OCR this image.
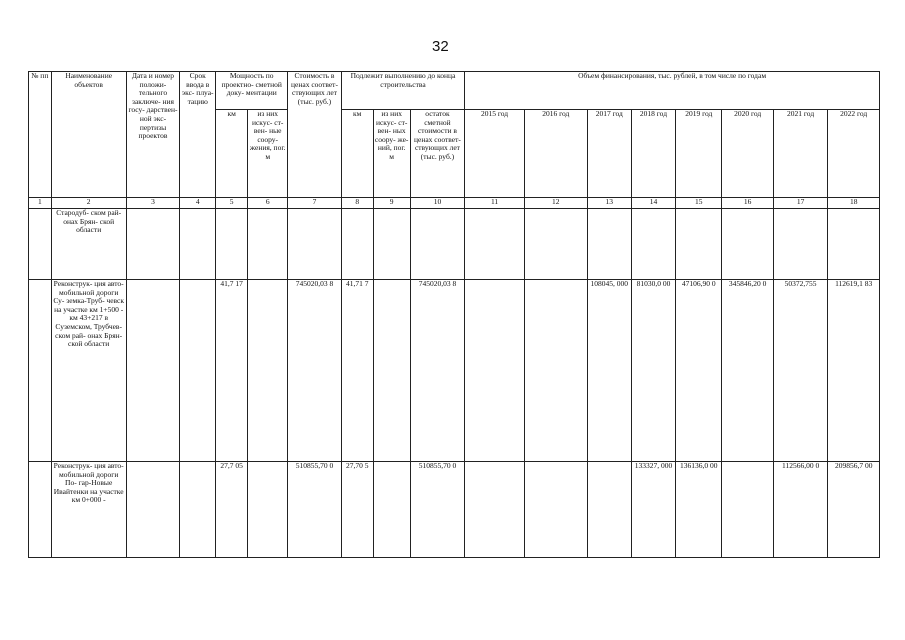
32
№ пп	Наименование объектов	Дата и номер положи- тельного заключе- ния госу- дарствен- ной экс- пертизы проектов	Срок ввода в экс- плуа- тацию	Мощность по проектно- сметной доку- ментации		Стоимость в ценах соответ- ствующих лет (тыс. руб.)	Подлежит выполнению до конца строительства			Объем финансирования, тыс. рублей, в том числе по годам							
				км	из них искус- ст- вен- ные соору- жения, пог. м		км	из них искус- ст- вен- ных соору- же- ний, пог. м	остаток сметной стоимости в ценах соответ- ствующих лет (тыс. руб.)	2015 год	2016 год	2017 год	2018 год	2019 год	2020 год	2021 год	2022 год
1	2	3	4	5	6	7	8	9	10	11	12	13	14	15	16	17	18
	Стародуб- ском рай- онах Брян- ской области																
	Реконструк- ция авто- мобильной дороги Су- земка-Труб- чевск на участке км 1+500 - км 43+217 в Суземском, Трубчев- ском рай- онах Брян- ской области			41,7 17		745020,03 8	41,71 7		745020,03 8			108045, 000	81030,0 00	47106,90 0	345846,20 0	50372,755	112619,1 83
	Реконструк- ция авто- мобильной дороги По- гар-Новые Ивайтенки на участке км 0+000 -			27,7 05		510855,70 0	27,70 5		510855,70 0				133327, 000	136136,0 00		112566,00 0	209856,7 00
